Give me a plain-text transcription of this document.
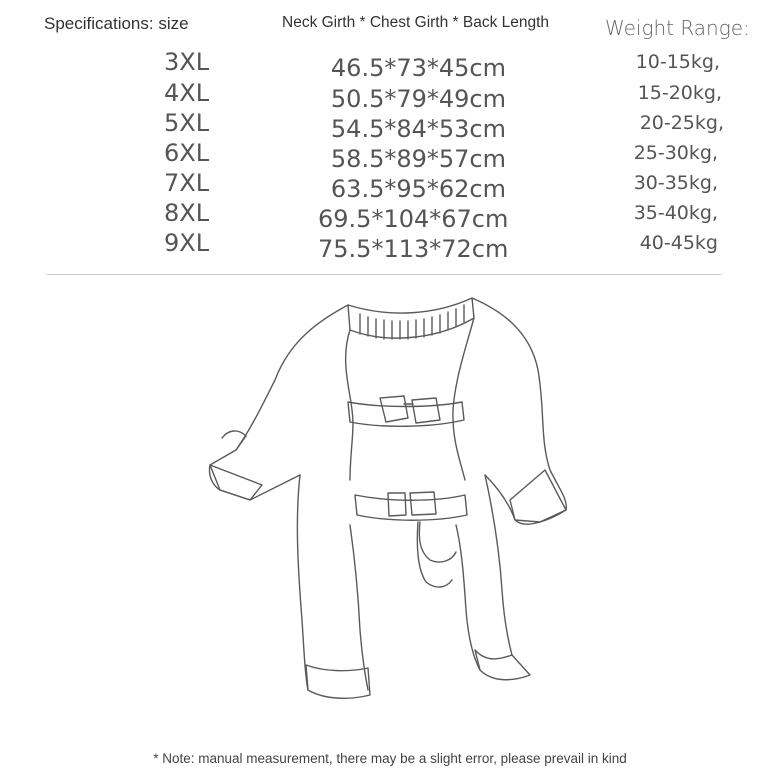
Specifications: size	Neck Girth * Chest Girth * Back Length	Weight Range:
3XL	46.5*73*45cm	10-15kg,
4XL	50.5*79*49cm	15-20kg,
5XL	54.5*84*53cm	20-25kg,
6XL	58.5*89*57cm	25-30kg,
7XL	63.5*95*62cm	30-35kg,
8XL	69.5*104*67cm	35-40kg,
9XL	75.5*113*72cm	40-45kg
* Note: manual measurement, there may be a slight error, please prevail in kind
